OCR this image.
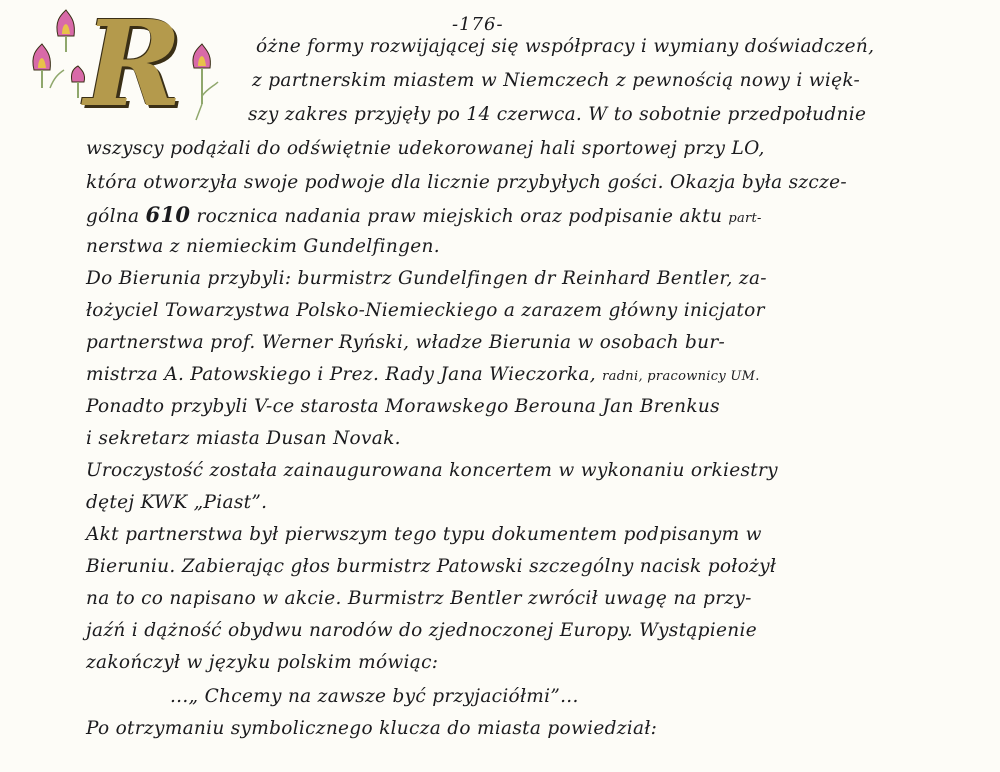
-176-
R	óżne formy rozwijającej się współpracy i wymiany doświadczeń,
z partnerskim miastem w Niemczech z pewnością nowy i więk-
szy zakres przyjęły po 14 czerwca. W to sobotnie przedpołudnie
wszyscy podążali do odświętnie udekorowanej hali sportowej przy LO,
która otworzyła swoje podwoje dla licznie przybyłych gości. Okazja była szcze-
gólna 610 rocznica nadania praw miejskich oraz podpisanie aktu part-
nerstwa z niemieckim Gundelfingen.
Do Bierunia przybyli: burmistrz Gundelfingen dr Reinhard Bentler, za-
łożyciel Towarzystwa Polsko-Niemieckiego a zarazem główny inicjator
partnerstwa prof. Werner Ryński, władze Bierunia w osobach bur-
mistrza A. Patowskiego i Prez. Rady Jana Wieczorka, radni, pracownicy UM.
Ponadto przybyli V-ce starosta Morawskego Berouna Jan Brenkus
i sekretarz miasta Dusan Novak.
Uroczystość została zainaugurowana koncertem w wykonaniu orkiestry
dętej KWK „Piast”.
Akt partnerstwa był pierwszym tego typu dokumentem podpisanym w
Bieruniu. Zabierając głos burmistrz Patowski szczególny nacisk położył
na to co napisano w akcie. Burmistrz Bentler zwrócił uwagę na przy-
jaźń i dążność obydwu narodów do zjednoczonej Europy. Wystąpienie
zakończył w języku polskim mówiąc:
...„ Chcemy na zawsze być przyjaciółmi”...
Po otrzymaniu symbolicznego klucza do miasta powiedział:
